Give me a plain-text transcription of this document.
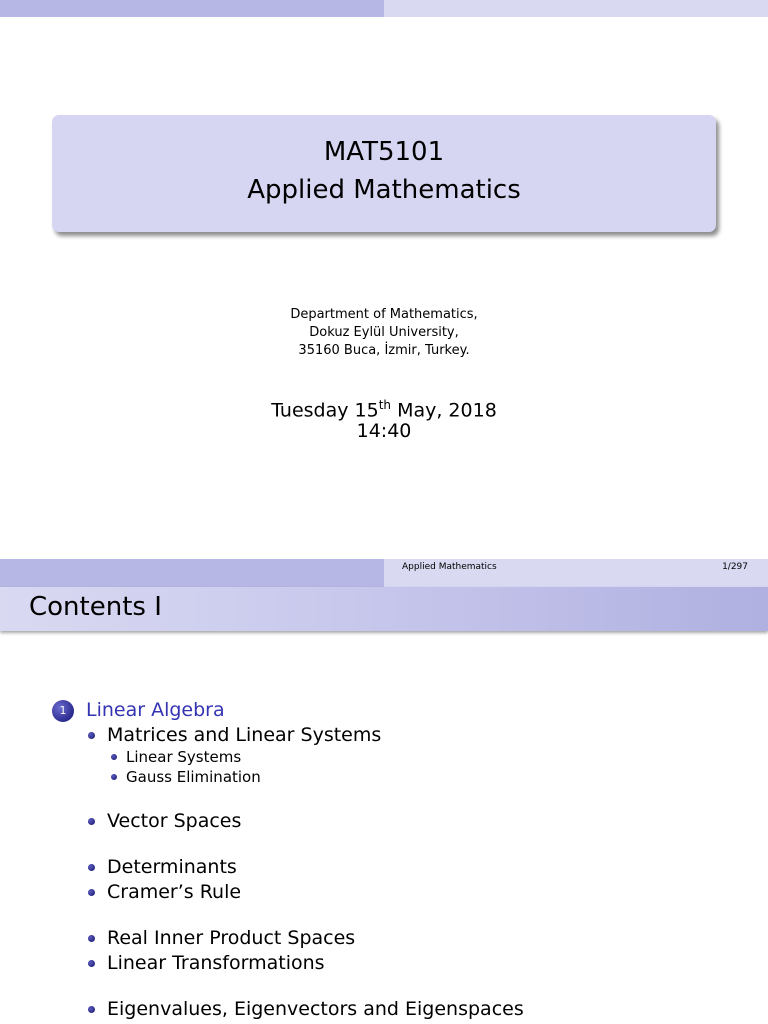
MAT5101
Applied Mathematics
Department of Mathematics,
Dokuz Eylül University,
35160 Buca, İzmir, Turkey.
Tuesday 15th May, 2018
14:40
Applied Mathematics	1/297
Contents I
1	Linear Algebra
Matrices and Linear Systems
Linear Systems
Gauss Elimination
Vector Spaces
Determinants
Cramer’s Rule
Real Inner Product Spaces
Linear Transformations
Eigenvalues, Eigenvectors and Eigenspaces
